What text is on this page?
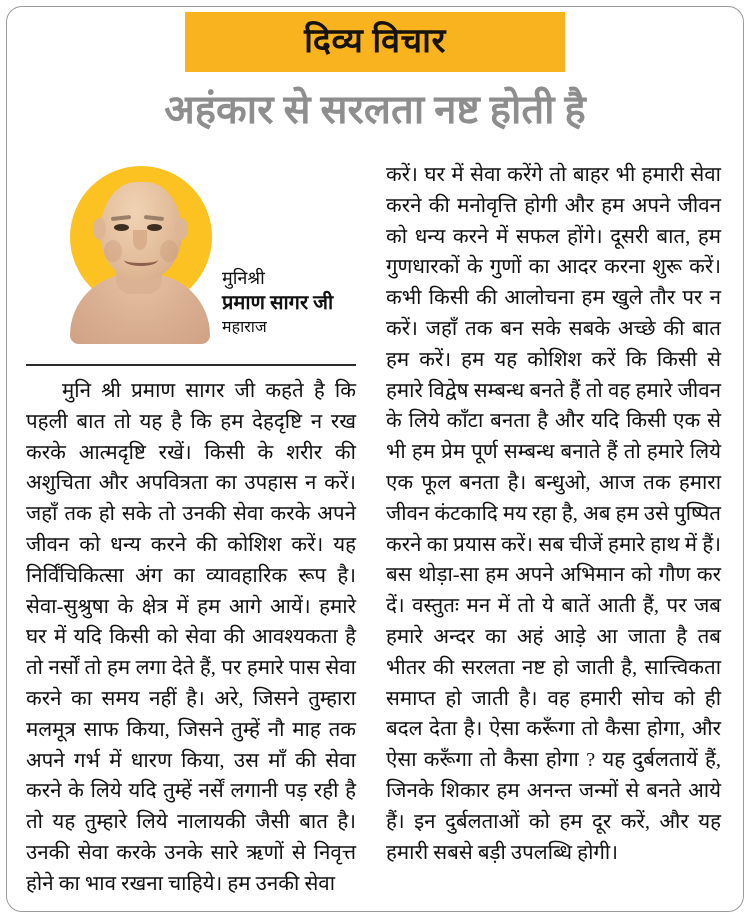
दिव्य विचार
अहंकार से सरलता नष्ट होती है
मुनिश्री
प्रमाण सागर जी
महाराज

मुनि श्री प्रमाण सागर जी कहते है कि पहली बात तो यह है कि हम देहदृष्टि न रख करके आत्मदृष्टि रखें। किसी के शरीर की अशुचिता और अपवित्रता का उपहास न करें। जहाँ तक हो सके तो उनकी सेवा करके अपने जीवन को धन्य करने की कोशिश करें। यह निर्विंचिकित्सा अंग का व्यावहारिक रूप है। सेवा-सुश्रुषा के क्षेत्र में हम आगे आयें। हमारे घर में यदि किसी को सेवा की आवश्यकता है तो नर्सों तो हम लगा देते हैं, पर हमारे पास सेवा करने का समय नहीं है। अरे, जिसने तुम्हारा मलमूत्र साफ किया, जिसने तुम्हें नौ माह तक अपने गर्भ में धारण किया, उस माँ की सेवा करने के लिये यदि तुम्हें नर्सें लगानी पड़ रही है तो यह तुम्हारे लिये नालायकी जैसी बात है। उनकी सेवा करके उनके सारे ऋणों से निवृत्त होने का भाव रखना चाहिये। हम उनकी सेवा

करें। घर में सेवा करेंगे तो बाहर भी हमारी सेवा करने की मनोवृत्ति होगी और हम अपने जीवन को धन्य करने में सफल होंगे। दूसरी बात, हम गुणधारकों के गुणों का आदर करना शुरू करें। कभी किसी की आलोचना हम खुले तौर पर न करें। जहाँ तक बन सके सबके अच्छे की बात हम करें। हम यह कोशिश करें कि किसी से हमारे विद्वेष सम्बन्ध बनते हैं तो वह हमारे जीवन के लिये काँटा बनता है और यदि किसी एक से भी हम प्रेम पूर्ण सम्बन्ध बनाते हैं तो हमारे लिये एक फूल बनता है। बन्धुओ, आज तक हमारा जीवन कंटकादि मय रहा है, अब हम उसे पुष्पित करने का प्रयास करें। सब चीजें हमारे हाथ में हैं। बस थोड़ा-सा हम अपने अभिमान को गौण कर दें। वस्तुतः मन में तो ये बातें आती हैं, पर जब हमारे अन्दर का अहं आड़े आ जाता है तब भीतर की सरलता नष्ट हो जाती है, सात्त्विकता समाप्त हो जाती है। वह हमारी सोच को ही बदल देता है। ऐसा करूँगा तो कैसा होगा, और ऐसा करूँगा तो कैसा होगा ? यह दुर्बलतायें हैं, जिनके शिकार हम अनन्त जन्मों से बनते आये हैं। इन दुर्बलताओं को हम दूर करें, और यह हमारी सबसे बड़ी उपलब्धि होगी।
